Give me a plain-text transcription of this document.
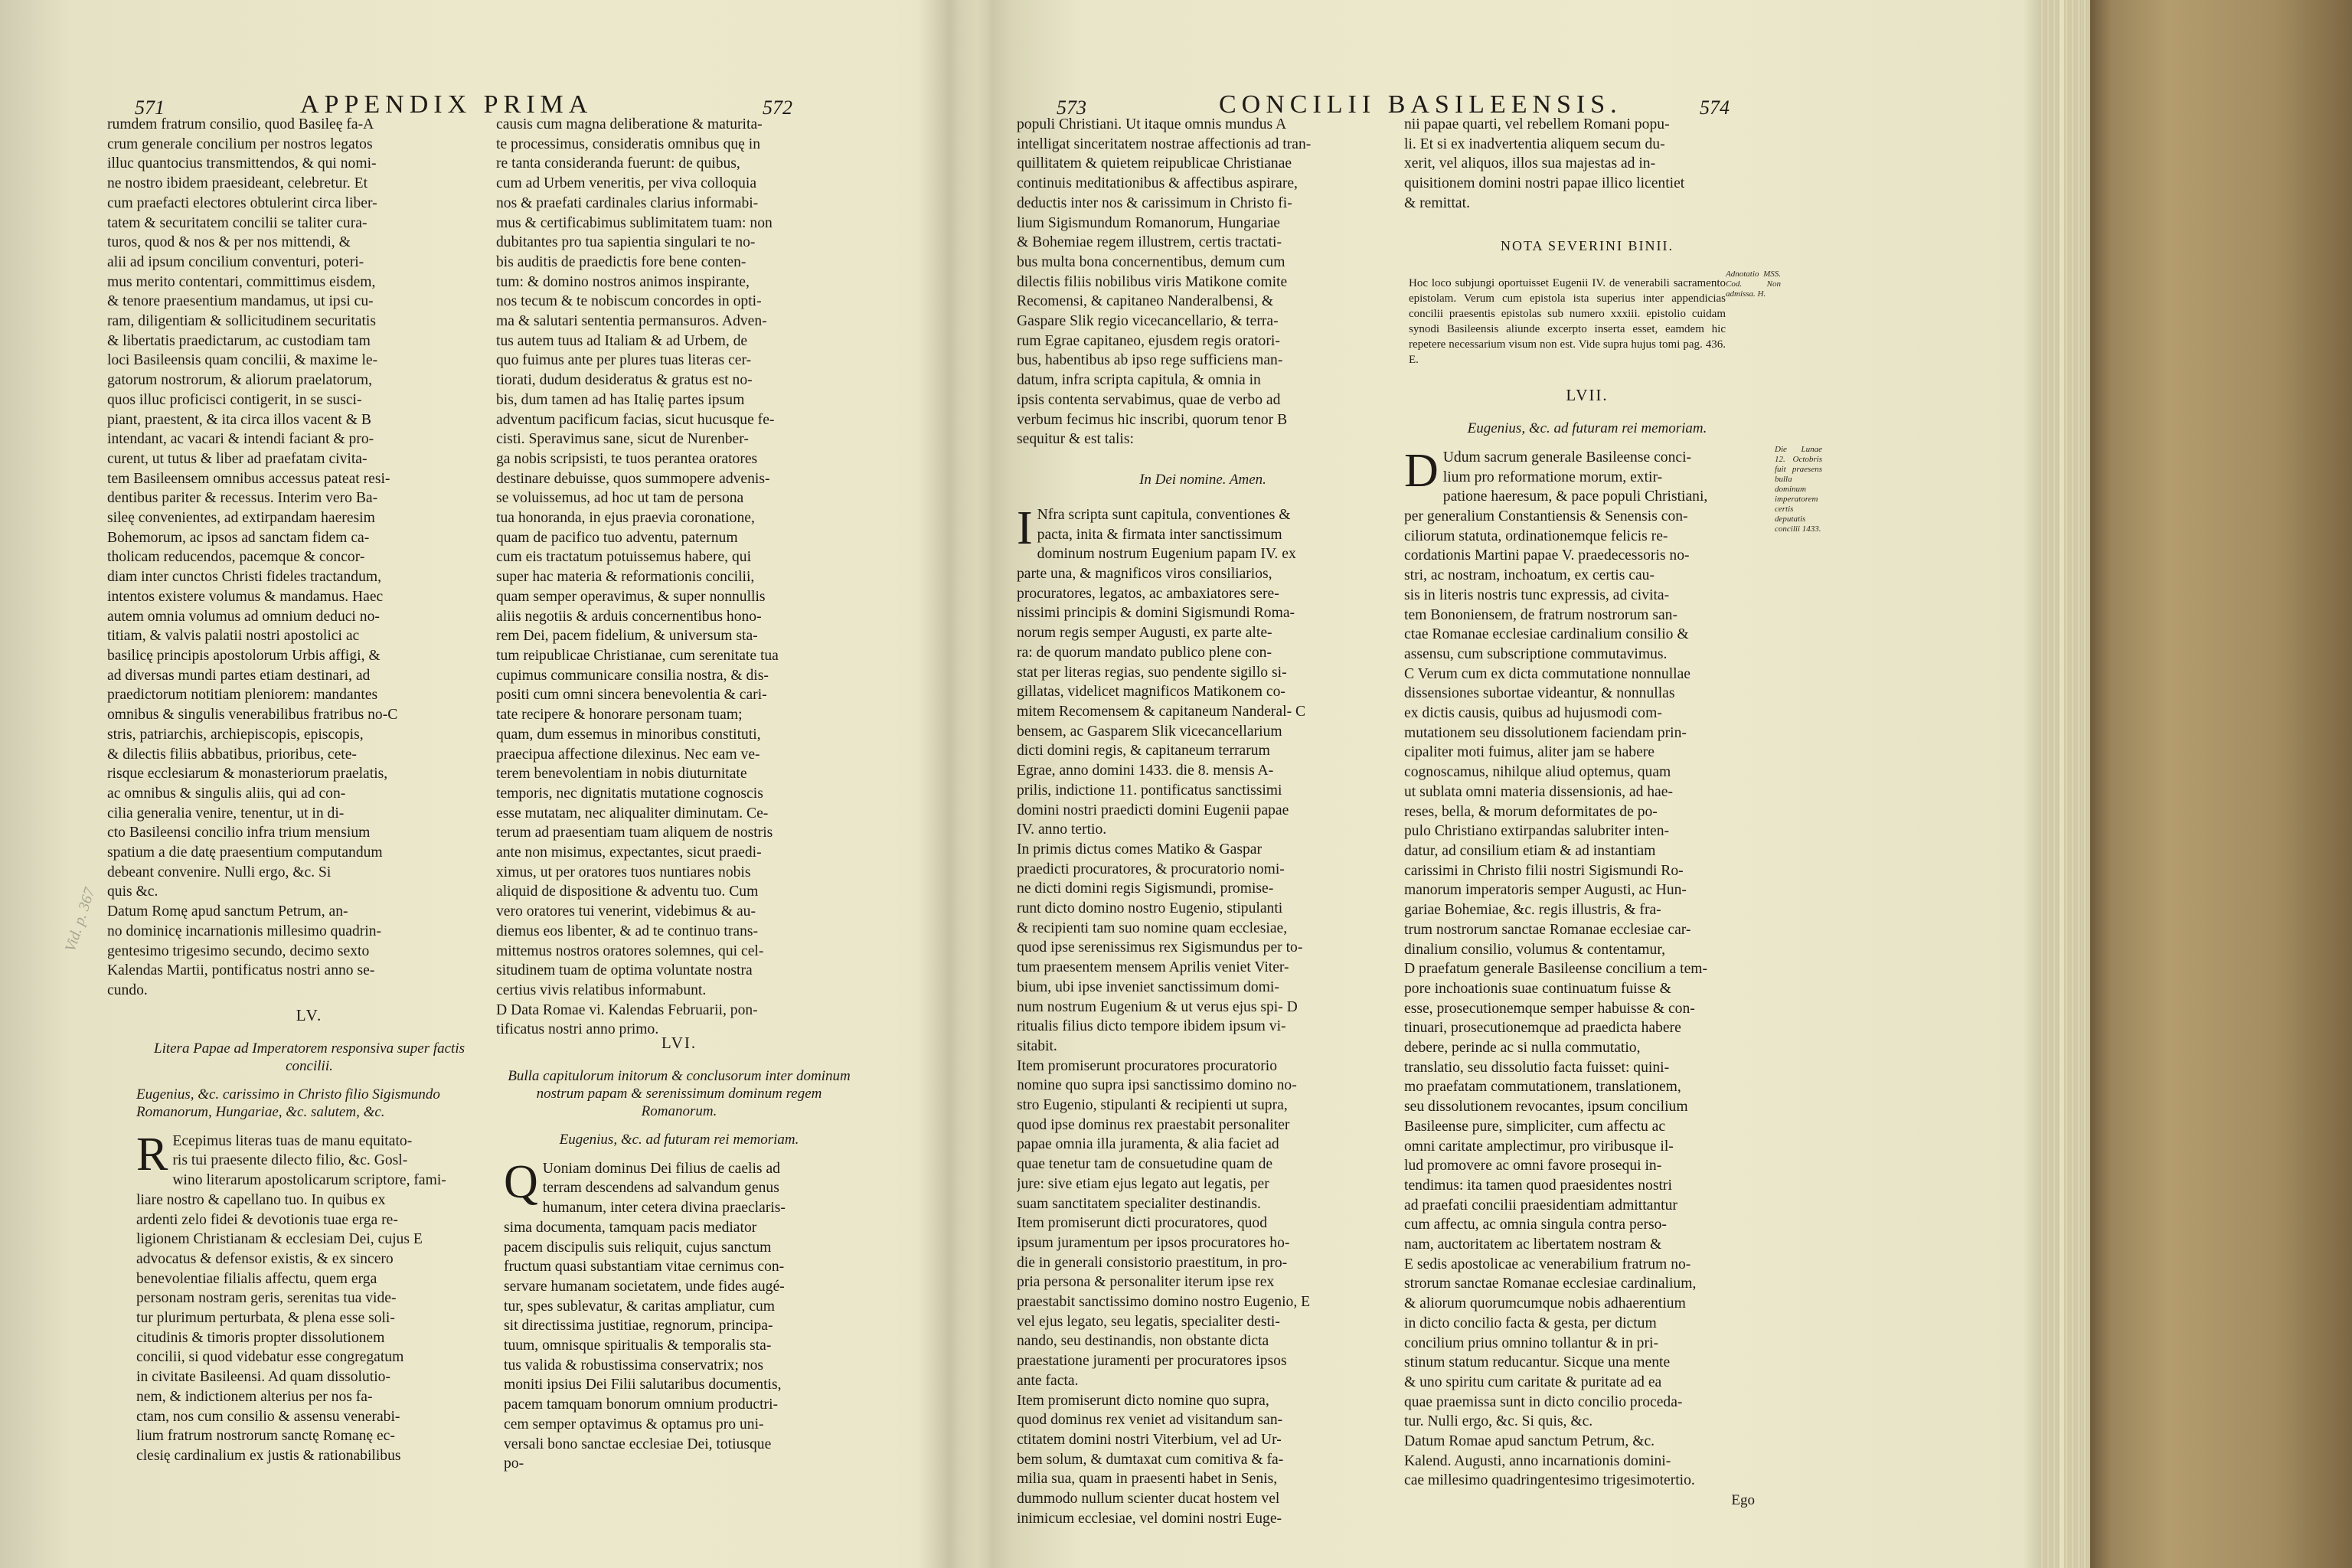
571	APPENDIX PRIMA	572
rumdem fratrum consilio, quod Basileę fa-A
crum generale concilium per nostros legatos
illuc quantocius transmittendos, & qui nomi-
ne nostro ibidem praesideant, celebretur. Et
cum praefacti electores obtulerint circa liber-
tatem & securitatem concilii se taliter cura-
turos, quod & nos & per nos mittendi, &
alii ad ipsum concilium conventuri, poteri-
mus merito contentari, committimus eisdem,
& tenore praesentium mandamus, ut ipsi cu-
ram, diligentiam & sollicitudinem securitatis
& libertatis praedictarum, ac custodiam tam
loci Basileensis quam concilii, & maxime le-
gatorum nostrorum, & aliorum praelatorum,
quos illuc proficisci contigerit, in se susci-
piant, praestent, & ita circa illos vacent & B
intendant, ac vacari & intendi faciant & pro-
curent, ut tutus & liber ad praefatam civita-
tem Basileensem omnibus accessus pateat resi-
dentibus pariter & recessus. Interim vero Ba-
sileę convenientes, ad extirpandam haeresim
Bohemorum, ac ipsos ad sanctam fidem ca-
tholicam reducendos, pacemque & concor-
diam inter cunctos Christi fideles tractandum,
intentos existere volumus & mandamus. Haec
autem omnia volumus ad omnium deduci no-
titiam, & valvis palatii nostri apostolici ac
basilicę principis apostolorum Urbis affigi, &
ad diversas mundi partes etiam destinari, ad
praedictorum notitiam pleniorem: mandantes
omnibus & singulis venerabilibus fratribus no-C
stris, patriarchis, archiepiscopis, episcopis,
& dilectis filiis abbatibus, prioribus, cete-
risque ecclesiarum & monasteriorum praelatis,
ac omnibus & singulis aliis, qui ad con-
cilia generalia venire, tenentur, ut in di-
cto Basileensi concilio infra trium mensium
spatium a die datę praesentium computandum
debeant convenire. Nulli ergo, &c. Si
quis &c.
Datum Romę apud sanctum Petrum, an-
no dominicę incarnationis millesimo quadrin-
gentesimo trigesimo secundo, decimo sexto
Kalendas Martii, pontificatus nostri anno se-
cundo.
causis cum magna deliberatione & maturita-
te processimus, consideratis omnibus quę in
re tanta consideranda fuerunt: de quibus,
cum ad Urbem veneritis, per viva colloquia
nos & praefati cardinales clarius informabi-
mus & certificabimus sublimitatem tuam: non
dubitantes pro tua sapientia singulari te no-
bis auditis de praedictis fore bene conten-
tum: & domino nostros animos inspirante,
nos tecum & te nobiscum concordes in opti-
ma & salutari sententia permansuros. Adven-
tus autem tuus ad Italiam & ad Urbem, de
quo fuimus ante per plures tuas literas cer-
tiorati, dudum desideratus & gratus est no-
bis, dum tamen ad has Italię partes ipsum
adventum pacificum facias, sicut hucusque fe-
cisti. Speravimus sane, sicut de Nurenber-
ga nobis scripsisti, te tuos perantea oratores
destinare debuisse, quos summopere advenis-
se voluissemus, ad hoc ut tam de persona
tua honoranda, in ejus praevia coronatione,
quam de pacifico tuo adventu, paternum
cum eis tractatum potuissemus habere, qui
super hac materia & reformationis concilii,
quam semper operavimus, & super nonnullis
aliis negotiis & arduis concernentibus hono-
rem Dei, pacem fidelium, & universum sta-
tum reipublicae Christianae, cum serenitate tua
cupimus communicare consilia nostra, & dis-
positi cum omni sincera benevolentia & cari-
tate recipere & honorare personam tuam;
quam, dum essemus in minoribus constituti,
praecipua affectione dilexinus. Nec eam ve-
terem benevolentiam in nobis diuturnitate
temporis, nec dignitatis mutatione cognoscis
esse mutatam, nec aliqualiter diminutam. Ce-
terum ad praesentiam tuam aliquem de nostris
ante non misimus, expectantes, sicut praedi-
ximus, ut per oratores tuos nuntiares nobis
aliquid de dispositione & adventu tuo. Cum
vero oratores tui venerint, videbimus & au-
diemus eos libenter, & ad te continuo trans-
mittemus nostros oratores solemnes, qui cel-
situdinem tuam de optima voluntate nostra
certius vivis relatibus informabunt.
D Data Romae vi. Kalendas Februarii, pon-
tificatus nostri anno primo.
LV.
Litera Papae ad Imperatorem responsiva super factis concilii.
Eugenius, &c. carissimo in Christo filio Sigismundo Romanorum, Hungariae, &c. salutem, &c.
R Ecepimus literas tuas de manu equitato-
ris tui praesente dilecto filio, &c. Gosl-
wino literarum apostolicarum scriptore, fami-
liare nostro & capellano tuo. In quibus ex
ardenti zelo fidei & devotionis tuae erga re-
ligionem Christianam & ecclesiam Dei, cujus E
advocatus & defensor existis, & ex sincero
benevolentiae filialis affectu, quem erga
personam nostram geris, serenitas tua vide-
tur plurimum perturbata, & plena esse soli-
citudinis & timoris propter dissolutionem
concilii, si quod videbatur esse congregatum
in civitate Basileensi. Ad quam dissolutio-
nem, & indictionem alterius per nos fa-
ctam, nos cum consilio & assensu venerabi-
lium fratrum nostrorum sanctę Romanę ec-
clesię cardinalium ex justis & rationabilibus
LVI.
Bulla capitulorum initorum & conclusorum inter dominum nostrum papam & serenissimum dominum regem Romanorum.
Eugenius, &c. ad futuram rei memoriam.
Q Uoniam dominus Dei filius de caelis ad
terram descendens ad salvandum genus
humanum, inter cetera divina praeclaris-
sima documenta, tamquam pacis mediator
pacem discipulis suis reliquit, cujus sanctum
fructum quasi substantiam vitae cernimus con-
servare humanam societatem, unde fides augé-
tur, spes sublevatur, & caritas ampliatur, cum
sit directissima justitiae, regnorum, principa-
tuum, omnisque spiritualis & temporalis sta-
tus valida & robustissima conservatrix; nos
moniti ipsius Dei Filii salutaribus documentis,
pacem tamquam bonorum omnium productri-
cem semper optavimus & optamus pro uni-
versali bono sanctae ecclesiae Dei, totiusque
po-
Vid. p. 367
573	CONCILII BASILEENSIS.	574
populi Christiani. Ut itaque omnis mundus A
intelligat sinceritatem nostrae affectionis ad tran-
quillitatem & quietem reipublicae Christianae
continuis meditationibus & affectibus aspirare,
deductis inter nos & carissimum in Christo fi-
lium Sigismundum Romanorum, Hungariae
& Bohemiae regem illustrem, certis tractati-
bus multa bona concernentibus, demum cum
dilectis filiis nobilibus viris Matikone comite
Recomensi, & capitaneo Nanderalbensi, &
Gaspare Slik regio vicecancellario, & terra-
rum Egrae capitaneo, ejusdem regis oratori-
bus, habentibus ab ipso rege sufficiens man-
datum, infra scripta capitula, & omnia in
ipsis contenta servabimus, quae de verbo ad
verbum fecimus hic inscribi, quorum tenor B
sequitur & est talis:
In Dei nomine. Amen.
I Nfra scripta sunt capitula, conventiones &
pacta, inita & firmata inter sanctissimum
dominum nostrum Eugenium papam IV. ex
parte una, & magnificos viros consiliarios,
procuratores, legatos, ac ambaxiatores sere-
nissimi principis & domini Sigismundi Roma-
norum regis semper Augusti, ex parte alte-
ra: de quorum mandato publico plene con-
stat per literas regias, suo pendente sigillo si-
gillatas, videlicet magnificos Matikonem co-
mitem Recomensem & capitaneum Nanderal- C
bensem, ac Gasparem Slik vicecancellarium
dicti domini regis, & capitaneum terrarum
Egrae, anno domini 1433. die 8. mensis A-
prilis, indictione 11. pontificatus sanctissimi
domini nostri praedicti domini Eugenii papae
IV. anno tertio.
In primis dictus comes Matiko & Gaspar
praedicti procuratores, & procuratorio nomi-
ne dicti domini regis Sigismundi, promise-
runt dicto domino nostro Eugenio, stipulanti
& recipienti tam suo nomine quam ecclesiae,
quod ipse serenissimus rex Sigismundus per to-
tum praesentem mensem Aprilis veniet Viter-
bium, ubi ipse inveniet sanctissimum domi-
num nostrum Eugenium & ut verus ejus spi- D
ritualis filius dicto tempore ibidem ipsum vi-
sitabit.
Item promiserunt procuratores procuratorio
nomine quo supra ipsi sanctissimo domino no-
stro Eugenio, stipulanti & recipienti ut supra,
quod ipse dominus rex praestabit personaliter
papae omnia illa juramenta, & alia faciet ad
quae tenetur tam de consuetudine quam de
jure: sive etiam ejus legato aut legatis, per
suam sanctitatem specialiter destinandis.
Item promiserunt dicti procuratores, quod
ipsum juramentum per ipsos procuratores ho-
die in generali consistorio praestitum, in pro-
pria persona & personaliter iterum ipse rex
praestabit sanctissimo domino nostro Eugenio, E
vel ejus legato, seu legatis, specialiter desti-
nando, seu destinandis, non obstante dicta
praestatione juramenti per procuratores ipsos
ante facta.
Item promiserunt dicto nomine quo supra,
quod dominus rex veniet ad visitandum san-
ctitatem domini nostri Viterbium, vel ad Ur-
bem solum, & dumtaxat cum comitiva & fa-
milia sua, quam in praesenti habet in Senis,
dummodo nullum scienter ducat hostem vel
inimicum ecclesiae, vel domini nostri Euge-
nii papae quarti, vel rebellem Romani popu-
li. Et si ex inadvertentia aliquem secum du-
xerit, vel aliquos, illos sua majestas ad in-
quisitionem domini nostri papae illico licentiet
& remittat.
NOTA SEVERINI BINII.
Hoc loco subjungi oportuisset Eugenii IV. de venerabili sacramento epistolam. Verum cum epistola ista superius inter appendicias concilii praesentis epistolas sub numero xxxiii. epistolio cuidam synodi Basileensis aliunde excerpto inserta esset, eamdem hic repetere necessarium visum non est. Vide supra hujus tomi pag. 436. E.
Adnotatio MSS. Cod. Non admissa. H.
LVII.
Eugenius, &c. ad futuram rei memoriam.
D Udum sacrum generale Basileense conci-
lium pro reformatione morum, extir-
patione haeresum, & pace populi Christiani,
per generalium Constantiensis & Senensis con-
ciliorum statuta, ordinationemque felicis re-
cordationis Martini papae V. praedecessoris no-
stri, ac nostram, inchoatum, ex certis cau-
sis in literis nostris tunc expressis, ad civita-
tem Bononiensem, de fratrum nostrorum san-
ctae Romanae ecclesiae cardinalium consilio &
assensu, cum subscriptione commutavimus.
C Verum cum ex dicta commutatione nonnullae
dissensiones subortae videantur, & nonnullas
ex dictis causis, quibus ad hujusmodi com-
mutationem seu dissolutionem faciendam prin-
cipaliter moti fuimus, aliter jam se habere
cognoscamus, nihilque aliud optemus, quam
ut sublata omni materia dissensionis, ad hae-
reses, bella, & morum deformitates de po-
pulo Christiano extirpandas salubriter inten-
datur, ad consilium etiam & ad instantiam
carissimi in Christo filii nostri Sigismundi Ro-
manorum imperatoris semper Augusti, ac Hun-
gariae Bohemiae, &c. regis illustris, & fra-
trum nostrorum sanctae Romanae ecclesiae car-
dinalium consilio, volumus & contentamur,
D praefatum generale Basileense concilium a tem-
pore inchoationis suae continuatum fuisse &
esse, prosecutionemque semper habuisse & con-
tinuari, prosecutionemque ad praedicta habere
debere, perinde ac si nulla commutatio,
translatio, seu dissolutio facta fuisset: quini-
mo praefatam commutationem, translationem,
seu dissolutionem revocantes, ipsum concilium
Basileense pure, simpliciter, cum affectu ac
omni caritate amplectimur, pro viribusque il-
lud promovere ac omni favore prosequi in-
tendimus: ita tamen quod praesidentes nostri
ad praefati concilii praesidentiam admittantur
cum affectu, ac omnia singula contra perso-
nam, auctoritatem ac libertatem nostram &
E sedis apostolicae ac venerabilium fratrum no-
strorum sanctae Romanae ecclesiae cardinalium,
& aliorum quorumcumque nobis adhaerentium
in dicto concilio facta & gesta, per dictum
concilium prius omnino tollantur & in pri-
stinum statum reducantur. Sicque una mente
& uno spiritu cum caritate & puritate ad ea
quae praemissa sunt in dicto concilio proceda-
tur. Nulli ergo, &c. Si quis, &c.
Datum Romae apud sanctum Petrum, &c.
Kalend. Augusti, anno incarnationis domini-
cae millesimo quadringentesimo trigesimotertio.
Die Lunae 12. Octobris fuit praesens bulla dominum imperatorem certis deputatis concilii 1433.
Ego
